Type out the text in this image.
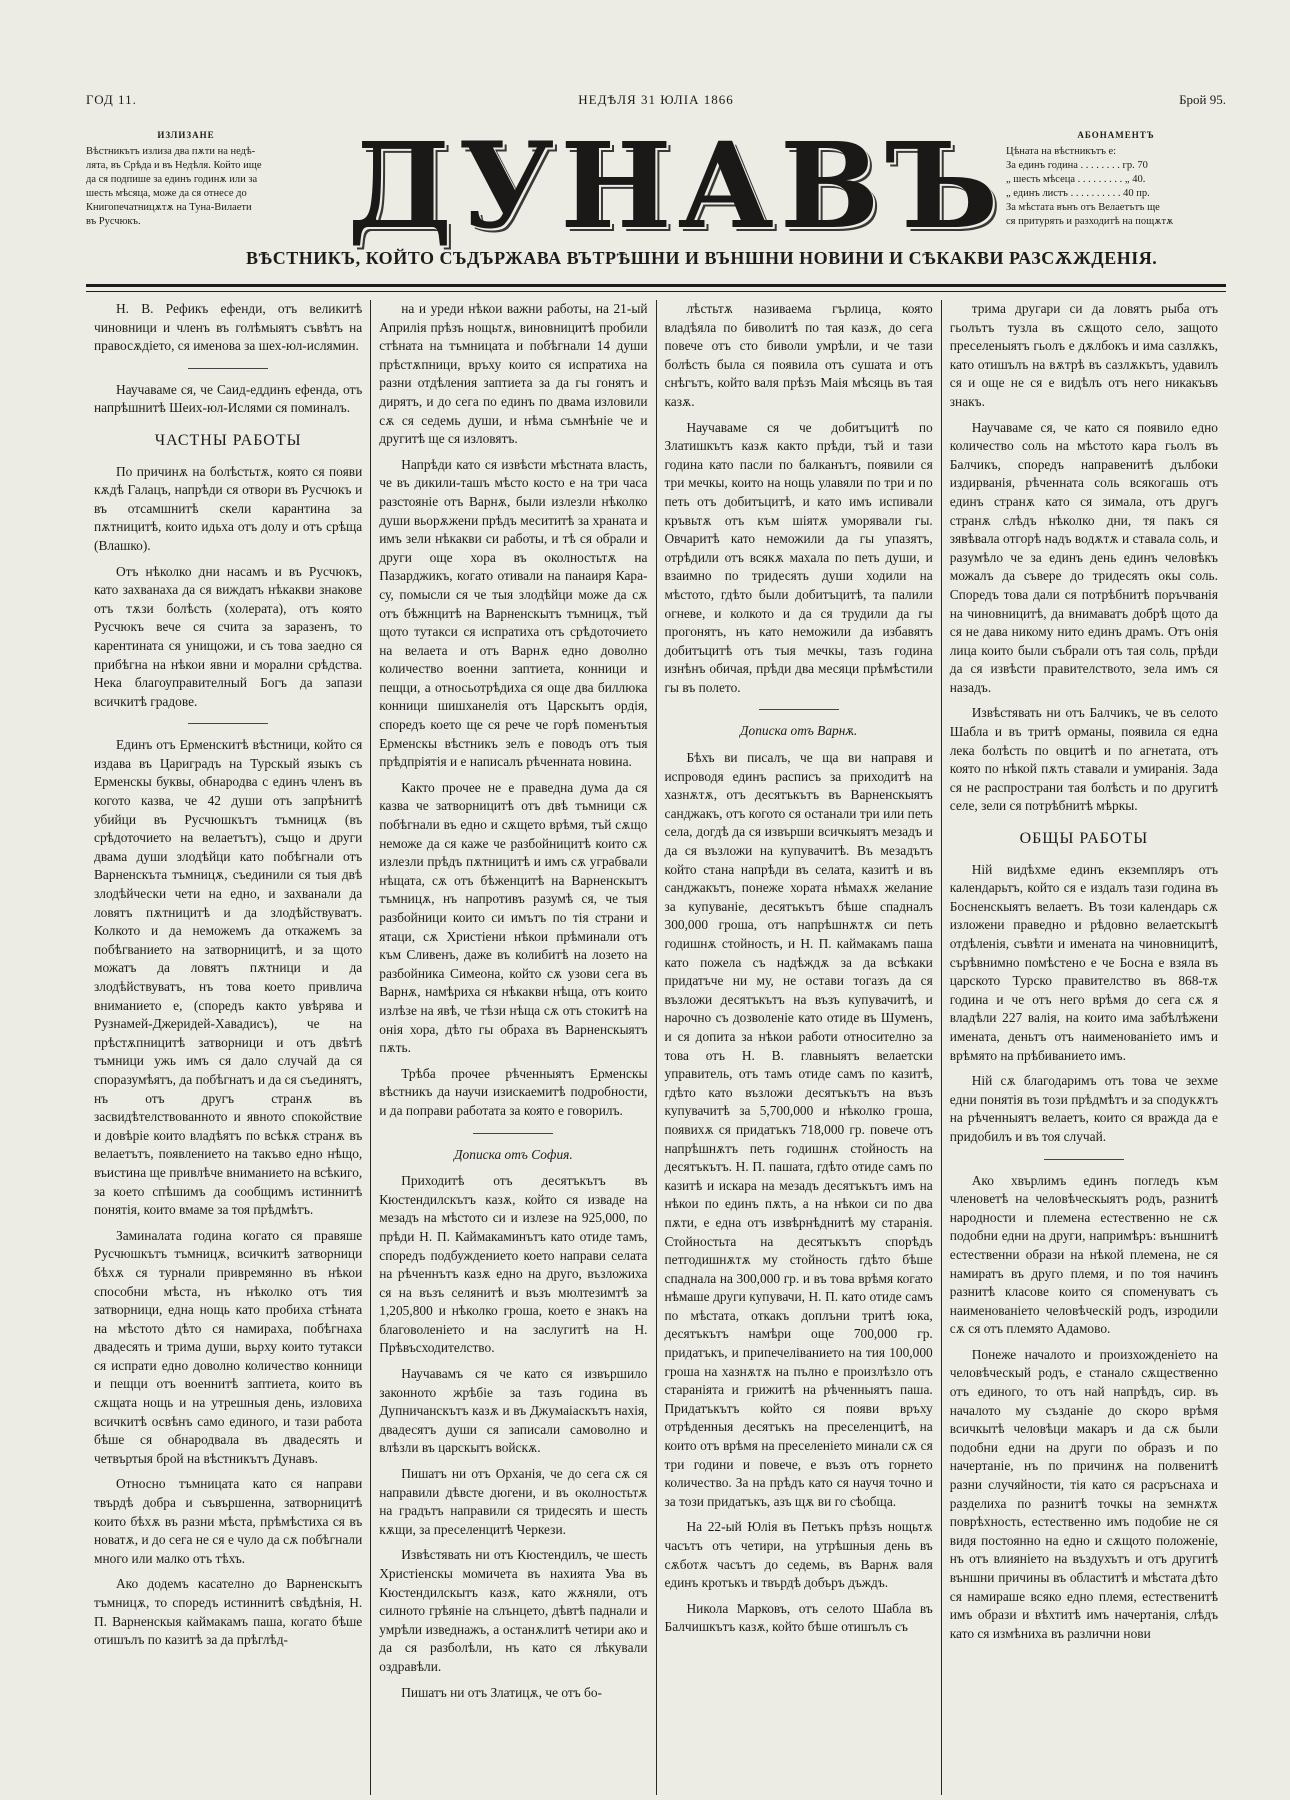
ГОД 11.	НЕДѢЛЯ 31 ЮЛІА 1866	Брой 95.
ИЗЛИЗАНЕ
Вѣстникътъ излиза два пѫти на недѣ-
лята, въ Срѣда и въ Недѣля. Който ище
да ся подпише за единъ годинѫ или за
шесть мѣсяца, може да ся отнесе до
Книгопечатницѫтѫ на Туна-Вилаети
въ Русчюкъ.	ДУНАВЪ
ВѢСТНИКЪ, КОЙТО СЪДЪРЖАВА ВЪТРѢШНИ И ВЪНШНИ НОВИНИ И СѢКАКВИ РАЗСѪЖДЕНІЯ.
АБОНАМЕНТЪ
Цѣната на вѣстникътъ е:
За единъ година . . . . . . . . гр. 70
„ шесть мѣсеца . . . . . . . . . „ 40.
„ единъ листъ . . . . . . . . . . 40 пр.
За мѣстата вънъ отъ Велаетътъ ще
ся притурять и разходитѣ на пощѫтѫ

Н. В. Рефикъ ефенди, отъ великитѣ чиновници и членъ въ голѣмыятъ съвѣтъ на правосѫдіето, ся именова за шех-юл-ислямин.

Научаваме ся, че Саид-еддинъ ефенда, отъ напрѣшнитѣ Шеих-юл-Ислями ся поминалъ.

ЧАСТНЫ РАБОТЫ

По причинѫ на болѣстьтѫ, която ся появи кѫдѣ Галацъ, напрѣди ся отвори въ Русчюкъ и въ отсамшнитѣ скели карантина за пѫтницитѣ, които идьха отъ долу и отъ срѣща (Влашко).

Отъ нѣколко дни насамъ и въ Русчюкъ, като захванаха да ся виждатъ нѣкакви знакове отъ тѫзи болѣсть (холерата), отъ която Русчюкъ вече ся счита за заразенъ, то карентината ся унищожи, и съ това заедно ся прибѣгна на нѣкои явни и морални срѣдства. Нека благоуправителный Богъ да запази всичкитѣ градове.

Единъ отъ Ерменскитѣ вѣстници, който ся издава въ Цариградъ на Турскый языкъ съ Ерменскы буквы, обнародва с единъ членъ въ когото казва, че 42 души отъ запрѣнитѣ убийци въ Русчюшкътъ тъмницѫ (въ срѣдоточието на велаетътъ), също и други двама души злодѣйци като побѣгнали отъ Варненскъта тъмницѫ, съединили ся тыя двѣ злодѣйчески чети на едно, и захванали да ловятъ пѫтницитѣ и да злодѣйствуватъ. Колкото и да неможемъ да откажемъ за побѣгванието на затворницитѣ, и за щото можатъ да ловятъ пѫтници и да злодѣйствуватъ, нъ това което привлича вниманието е, (споредъ както увѣрява и Рузнамей-Джеридей-Хавадисъ), че на прѣстѫпницитѣ затворници и отъ двѣтѣ тъмници ужь имъ ся дало случай да ся споразумѣятъ, да побѣгнатъ и да ся съединятъ, нъ отъ другъ странѫ въ засвидѣтелствованнoто и явното спокойствие и довѣріе които владѣятъ по всѣкѫ странѫ въ велаетътъ, появлението на такъво едно нѣщо, въистина ще привлѣче вниманието на всѣкиго, за което спѣшимъ да сообщимъ истиннитѣ понятія, които вмаме за тоя прѣдмѣтъ.

Заминалата година когато ся правяше Русчюшкътъ тъмницѫ, всичкитѣ затворници бѣхѫ ся турнали привремянно въ нѣкои способни мѣста, нъ нѣколко отъ тия затворници, една нощь като пробиха стѣната на мѣстото дѣто ся намираха, побѣгнаха двадесять и трима души, вьрху които тутакси ся испрати едно доволно количество конници и пещци отъ военнитѣ заптиета, които въ сѫщата нощь и на утрешныя день, изловиха всичкитѣ освѣнъ само единого, и тази работа бѣше ся обнародвала въ двадесять и четвъртыя брой на вѣстникътъ Дунавъ.

Относно тъмницата като ся направи твърдѣ добра и съвършенна, затворницитѣ които бѣхѫ въ разни мѣста, прѣмѣстиха ся въ новатѫ, и до сега не ся е чуло да сѫ побѣгнали много или малко отъ тѣхъ.

Ако додемъ касателно до Варненскытъ тъмницѫ, то споредъ истиннитѣ свѣдѣнія, Н. П. Варненскыя каймакамъ паша, когато бѣше отишълъ по казитѣ за да прѣглѣд-

на и уреди нѣкои важни работы, на 21-ый Априлія прѣзъ нощьтѫ, виновницитѣ пробили стѣната на тъмницата и побѣгнали 14 души прѣстѫпници, връху които ся испратиха на разни отдѣления заптиета за да гы гонятъ и дирятъ, и до сега по единъ по двама изловили сѫ ся седемь души, и нѣма съмнѣніе че и другитѣ ще ся изловятъ.

Напрѣди като ся извѣсти мѣстната власть, че въ дикили-ташъ мѣсто косто е на три часа разстояніе отъ Варнѫ, были излезли нѣколко души вьорѫжени прѣдъ месититѣ за храната и имъ зели нѣкакви си работы, и тѣ ся обрали и други още хора въ околностьтѫ на Пазарджикъ, когато отивали на панаиря Кара-су, помысли ся че тыя злодѣйци може да сѫ отъ бѣжнцитѣ на Варненскытъ тъмницѫ, тъй щото тутакси ся испратиха отъ срѣдоточието на велаета и отъ Варнѫ едно доволно количество военни заптиета, конници и пещци, а относьотрѣдиха ся още два биллюка конници шишханелія отъ Царскытъ ордія, споредъ което ще ся рече че горѣ поменътыя Ерменскы вѣстникъ зелъ е поводъ отъ тыя прѣдпріятія и е написалъ рѣченната новина.

Както прочее не е праведна дума да ся казва че затворницитѣ отъ двѣ тъмници сѫ побѣгнали въ едно и сѫщето врѣмя, тъй сѫщо неможе да ся каже че разбойницитѣ които сѫ излезли прѣдъ пѫтницитѣ и имъ сѫ уграбвали нѣщата, сѫ отъ бѣженцитѣ на Варненскытъ тъмницѫ, нъ напротивъ разумѣ ся, че тыя разбойници които си имътъ по тія страни и ятаци, сѫ Христіени нѣкои прѣминали отъ към Сливенъ, даже въ колибитѣ на лозето на разбойника Симеона, който сѫ узови сега въ Варнѫ, намѣриха ся нѣкакви нѣща, отъ които излѣзе на явѣ, че тѣзи нѣща сѫ отъ стокитѣ на онія хора, дѣто гы обраха въ Варненскыятъ пѫть.

Трѣба прочее рѣченныятъ Ерменскы вѣстникъ да научи изискаемитѣ подробности, и да поправи работата за която е говорилъ.

Дописка отъ София.

Приходитѣ отъ десятъкътъ въ Кюстендилскътъ казѫ, който ся изваде на мезадъ на мѣстото си и излезе на 925,000, по прѣди Н. П. Каймакаминътъ като отиде тамъ, споредъ подбуждението което направи селата на рѣченнътъ казѫ едно на друго, възложиха ся на възъ селянитѣ и възъ мюлтезимтѣ за 1,205,800 и нѣколко гроша, което е знакъ на благоволеніето и на заслугитѣ на Н. Прѣвъсходителство.

Научавамъ ся че като ся извършило законното жрѣбіе за тазъ година въ Дупничанскътъ казѫ и въ Джумаіаскътъ нахія, двадесятъ души ся записали самоволно и влѣзли въ царскытъ войскѫ.

Пишатъ ни отъ Орханія, че до сега сѫ ся направили дѣвсте дюгени, и въ околностьтѫ на градътъ направили ся тридесять и шесть кѫщи, за преселенцитѣ Черкези.

Извѣстявать ни отъ Кюстендилъ, че шесть Христіенскы момичета въ нахията Ува въ Кюстендилскытъ казѫ, като жѫняли, отъ силното грѣяніе на слънцето, дѣвтѣ паднали и умрѣли изведнажъ, а останѫлитѣ четири ако и да ся разболѣли, нъ като ся лѣкували оздравѣли.

Пишатъ ни отъ Златицѫ, че отъ бо-

лѣстьтѫ називаема гърлица, която владѣяла по биволитѣ по тая казѫ, до сега повече отъ сто биволи умрѣли, и че тази болѣсть была ся появила отъ сушата и отъ снѣгътъ, който валя прѣзъ Маія мѣсяць въ тая казѫ.

Научаваме ся че добитъцитѣ по Златишкътъ казѫ както прѣди, тъй и тази година като пасли по балканътъ, появили ся три мечкы, които на нощь улавяли по три и по петь отъ добитъцитѣ, и като имъ испивали кръвьтѫ отъ към шіятѫ уморявали гы. Овчаритѣ като неможили да гы упазятъ, отрѣдили отъ всякѫ махала по петь души, и взаимно по тридесять души ходили на мѣстото, гдѣто были добитъцитѣ, та палили огневе, и колкото и да ся трудили да гы прогонятъ, нъ като неможили да избавятъ добитъцитѣ отъ тыя мечкы, тазъ година изнѣнъ обичая, прѣди два месяци прѣмѣстили гы въ полето.

Дописка отъ Варнѫ.

Бѣхъ ви писалъ, че ща ви направя и испроводя единъ расписъ за приходитѣ на хазнѫтѫ, отъ десятъкътъ въ Варненскыятъ санджакъ, отъ когото ся останали три или петь села, догдѣ да ся извърши всичкыятъ мезадъ и да ся възложи на купувачитѣ. Въ мезадътъ който стана напрѣди въ селата, казитѣ и въ санджакътъ, понеже хората нѣмахѫ желание за купуваніе, десятъкътъ бѣше спадналъ 300,000 гроша, отъ напрѣшнѫтѫ си петь годишнѫ стойность, и Н. П. каймакамъ паша като пожела съ надѣждѫ за да всѣкаки придатъче ни му, не остави тогазъ да ся възложи десятъкътъ на възъ купувачитѣ, и нарочно съ дозволеніе като отиде въ Шуменъ, и ся допита за нѣкои работи относително за това отъ Н. В. главныятъ велаетски управитель, отъ тамъ отиде самъ по казитѣ, гдѣто като възложи десятъкътъ на възъ купувачитѣ за 5,700,000 и нѣколко гроша, появихѫ ся придатъкъ 718,000 гр. повече отъ напрѣшнѫтъ петь годишнѫ стойность на десятъкътъ. Н. П. пашата, гдѣто отиде самъ по казитѣ и искара на мезадъ десятъкътъ имъ на нѣкои по единъ пѫть, а на нѣкои си по два пѫти, е една отъ извѣрнѣднитѣ му старанія. Стойностьта на десятъкътъ спорѣдъ петгодишнѫтѫ му стойность гдѣто бѣше спаднала на 300,000 гр. и въ това врѣмя когато нѣмаше други купувачи, Н. П. като отиде самъ по мѣстата, откакъ доплъни тритѣ юка, десятъкътъ намѣри още 700,000 гр. придатъкъ, и припечеліванието на тия 100,000 гроша на хазнѫтѫ на пълно е произлѣзло отъ стараніята и грижитѣ на рѣченныятъ паша. Придатъкътъ който ся появи връху отрѣденныя десятъкъ на преселенцитѣ, на които отъ врѣмя на преселеніето минали сѫ ся три години и повече, е възъ отъ горнето количество. За на прѣдъ като ся научя точно и за този придатъкъ, азъ щѫ ви го сѣобща.

На 22-ый Юлія въ Петъкъ прѣзъ нощьтѫ часътъ отъ четири, на утрѣшныя день въ сѫботѫ часътъ до седемь, въ Варнѫ валя единъ кротъкъ и твърдѣ добъръ дъждъ.

Никола Марковъ, отъ селото Шабла въ Балчишкътъ казѫ, който бѣше отишълъ съ

трима другари си да ловятъ рыба отъ гьолътъ тузла въ сѫщото село, защото преселеныятъ гьолъ е дѫлбокъ и има сазлѫкъ, като отишълъ на вѫтрѣ въ сазлѫкътъ, удавилъ ся и още не ся е видѣлъ отъ него никакъвъ знакъ.

Научаваме ся, че като ся появило едно количество соль на мѣстото кара гьолъ въ Балчикъ, споредъ направенитѣ дълбоки издирванія, рѣченната соль всякогашь отъ единъ странѫ като ся зимала, отъ другъ странѫ слѣдъ нѣколко дни, тя пакъ ся зявѣвала отгорѣ надъ водѫтѫ и ставала соль, и разумѣло че за единъ день единъ человѣкъ можалъ да съвере до тридесять окы соль. Споредъ това дали ся потрѣбнитѣ поръчванія на чиновницитѣ, да внимаватъ добрѣ щото да ся не дава никому нито единъ драмъ. Отъ онія лица които были събрали отъ тая соль, прѣди да ся извѣсти правителството, зела имъ ся назадъ.

Извѣстявать ни отъ Балчикъ, че въ селото Шабла и въ тритѣ орманы, появила ся една лека болѣсть по овцитѣ и по агнетата, отъ която по нѣкой пѫть ставали и умиранія. Зада ся не распространи тая болѣсть и по другитѣ селе, зели ся потрѣбнитѣ мѣркы.

ОБЩЫ РАБОТЫ

Ній видѣхме единъ екземпляръ отъ календарьтъ, който ся е издалъ тази година въ Босненскыятъ велаетъ. Въ този календарь сѫ изложени праведно и рѣдовно велаетскытѣ отдѣленія, съвѣти и имената на чиновницитѣ, сърѣвнимно помѣстено е че Босна е взяла въ царското Турско правителство въ 868-тѫ година и че отъ него врѣмя до сега сѫ я владѣли 227 валія, на които има забѣлѣжени именaта, деньтъ отъ наименованіето имъ и врѣмято на прѣбиванието имъ.

Ній сѫ благодаримъ отъ това че зехме едни понятія въ този прѣдмѣтъ и за сподукѫтъ на рѣченныятъ велаетъ, които ся вражда да е придобилъ и въ тоя случай.

Ако хвърлимъ единъ погледъ към членоветѣ на человѣческыятъ родъ, разнитѣ народности и племена естественно не сѫ подобни едни на други, напримѣръ: външнитѣ естественни образи на нѣкой племена, не ся намиратъ въ друго племя, и по тоя начинъ разнитѣ класове които ся споменуватъ съ наименованіето человѣческій родъ, изродили сѫ ся отъ племято Адамово.

Понеже началото и произхожденіето на человѣческый родъ, е станало сѫщественно отъ единого, то отъ най напрѣдъ, сир. въ началото му създаніе до скоро врѣмя всичкытѣ человѣци макаръ и да сѫ были подобни едни на други по образъ и по начертаніе, нъ по причинѫ на полвенитѣ разни случяйности, тія като ся расръснаха и разделиха по разнитѣ точкы на земнѫтѫ поврѣхность, естественно имъ подобие не ся видя постоянно на едно и сѫщото положеніе, нъ отъ влияніето на въздухътъ и отъ другитѣ външни причины въ областитѣ и мѣстата дѣто ся намираше всяко едно племя, естественитѣ имъ образи и вѣхтитѣ имъ начертанія, слѣдъ като ся измѣниха въ различни нови
